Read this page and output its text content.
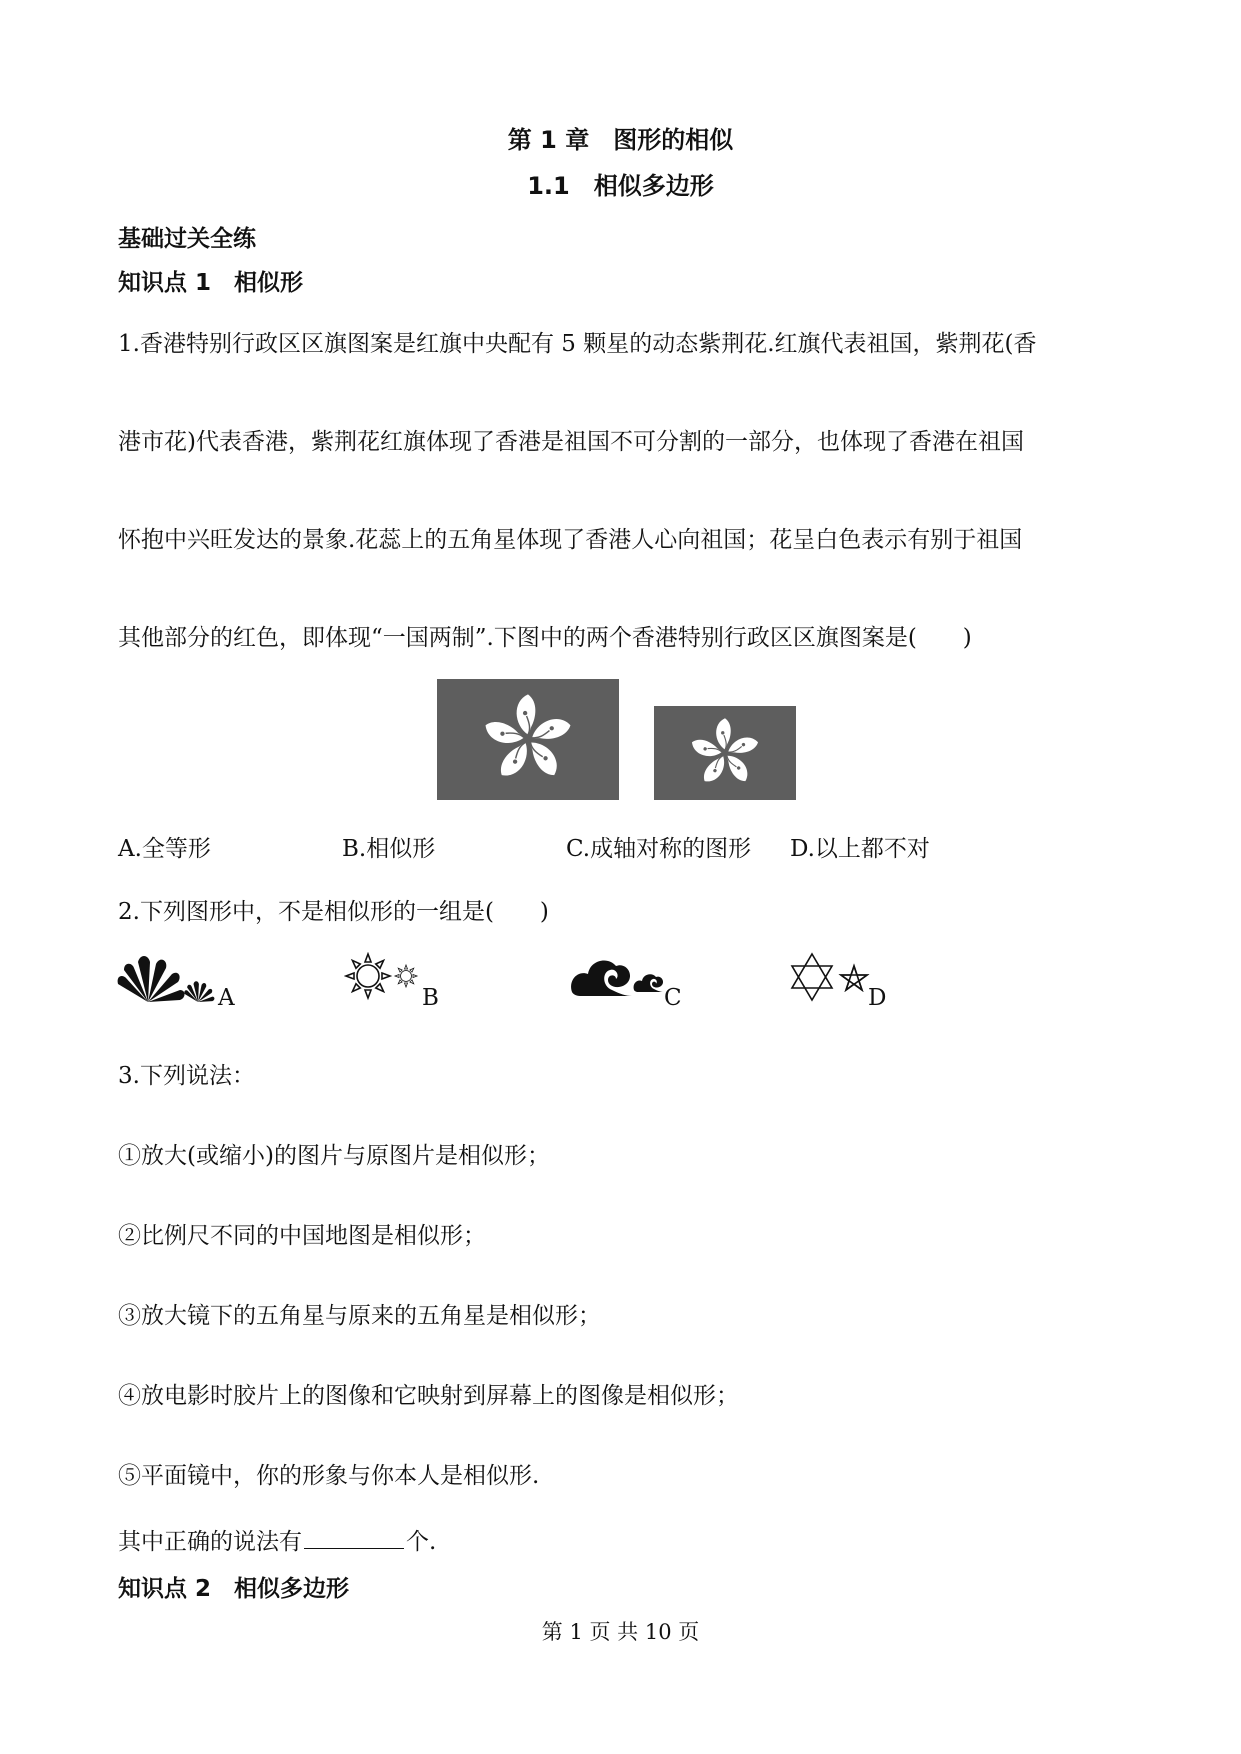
第 1 章　图形的相似
1.1　相似多边形
基础过关全练
知识点 1　相似形
1.香港特别行政区区旗图案是红旗中央配有 5 颗星的动态紫荆花.红旗代表祖国，紫荆花(香
港市花)代表香港，紫荆花红旗体现了香港是祖国不可分割的一部分，也体现了香港在祖国
怀抱中兴旺发达的景象.花蕊上的五角星体现了香港人心向祖国；花呈白色表示有别于祖国
其他部分的红色，即体现“一国两制”.下图中的两个香港特别行政区区旗图案是(　　)
A.全等形	B.相似形	C.成轴对称的图形 D.以上都不对
2.下列图形中，不是相似形的一组是(　　)
A	B	C	D
3.下列说法：
①放大(或缩小)的图片与原图片是相似形；
②比例尺不同的中国地图是相似形；
③放大镜下的五角星与原来的五角星是相似形；
④放电影时胶片上的图像和它映射到屏幕上的图像是相似形；
⑤平面镜中，你的形象与你本人是相似形.
其中正确的说法有	个.
知识点 2　相似多边形
第 1 页 共 10 页
